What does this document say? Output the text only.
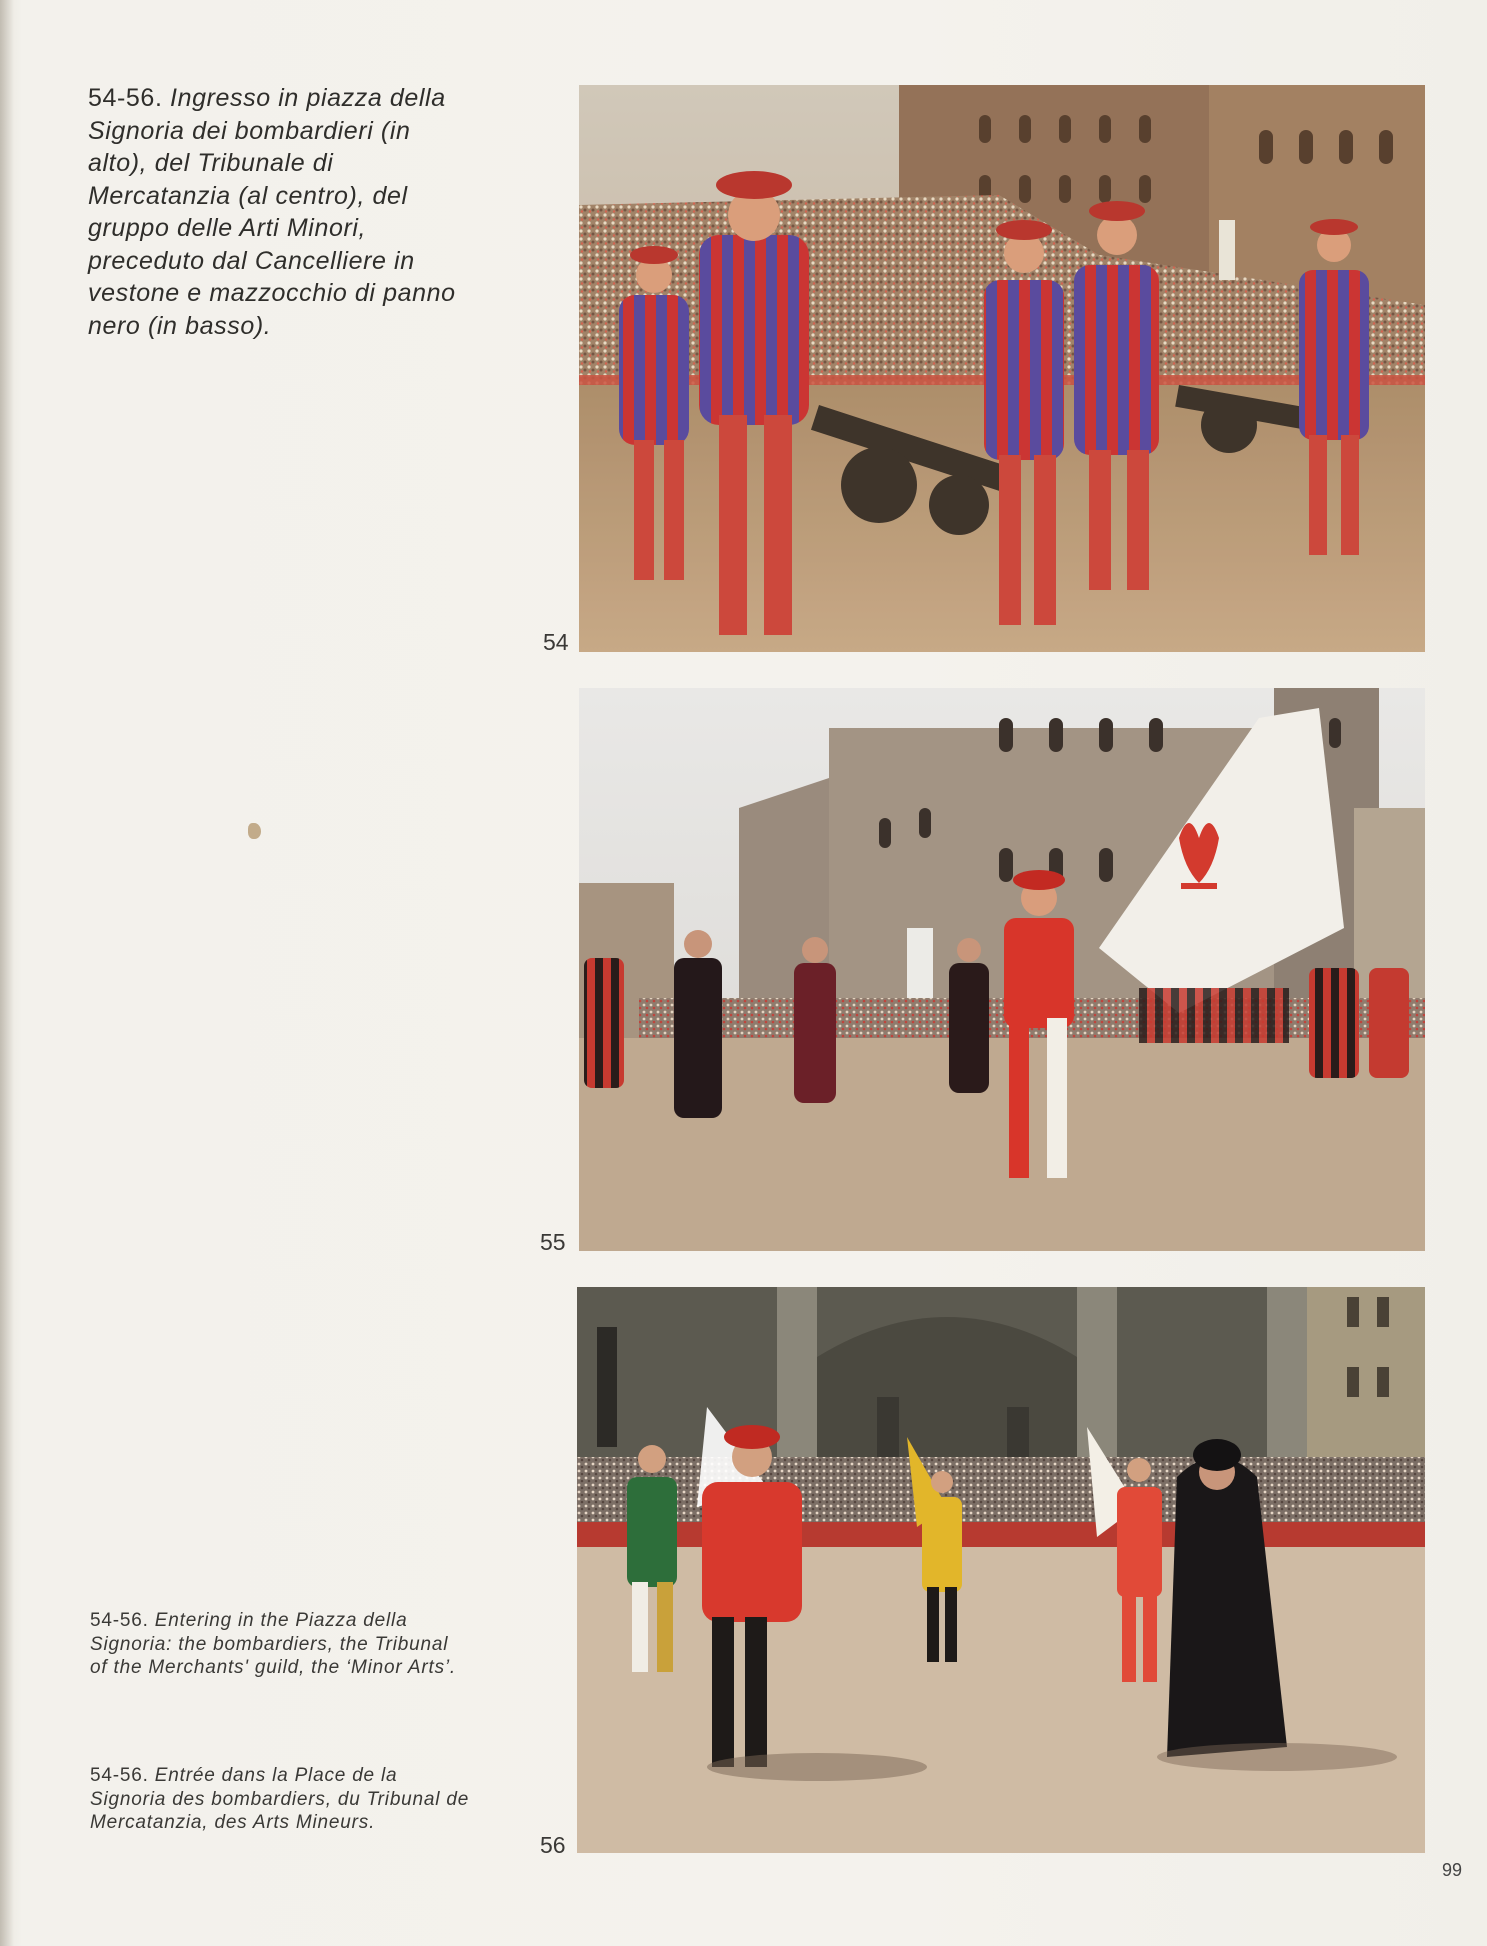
54-56. Ingresso in piazza della Signoria dei bombardieri (in alto), del Tribunale di Mercatanzia (al centro), del gruppo delle Arti Minori, preceduto dal Cancelliere in vestone e mazzocchio di panno nero (in basso).
54
55
56
54-56. Entering in the Piazza della Signoria: the bombardiers, the Tribunal of the Merchants' guild, the ‘Minor Arts’.
54-56. Entrée dans la Place de la Signoria des bombardiers, du Tribunal de Mercatanzia, des Arts Mineurs.
99
